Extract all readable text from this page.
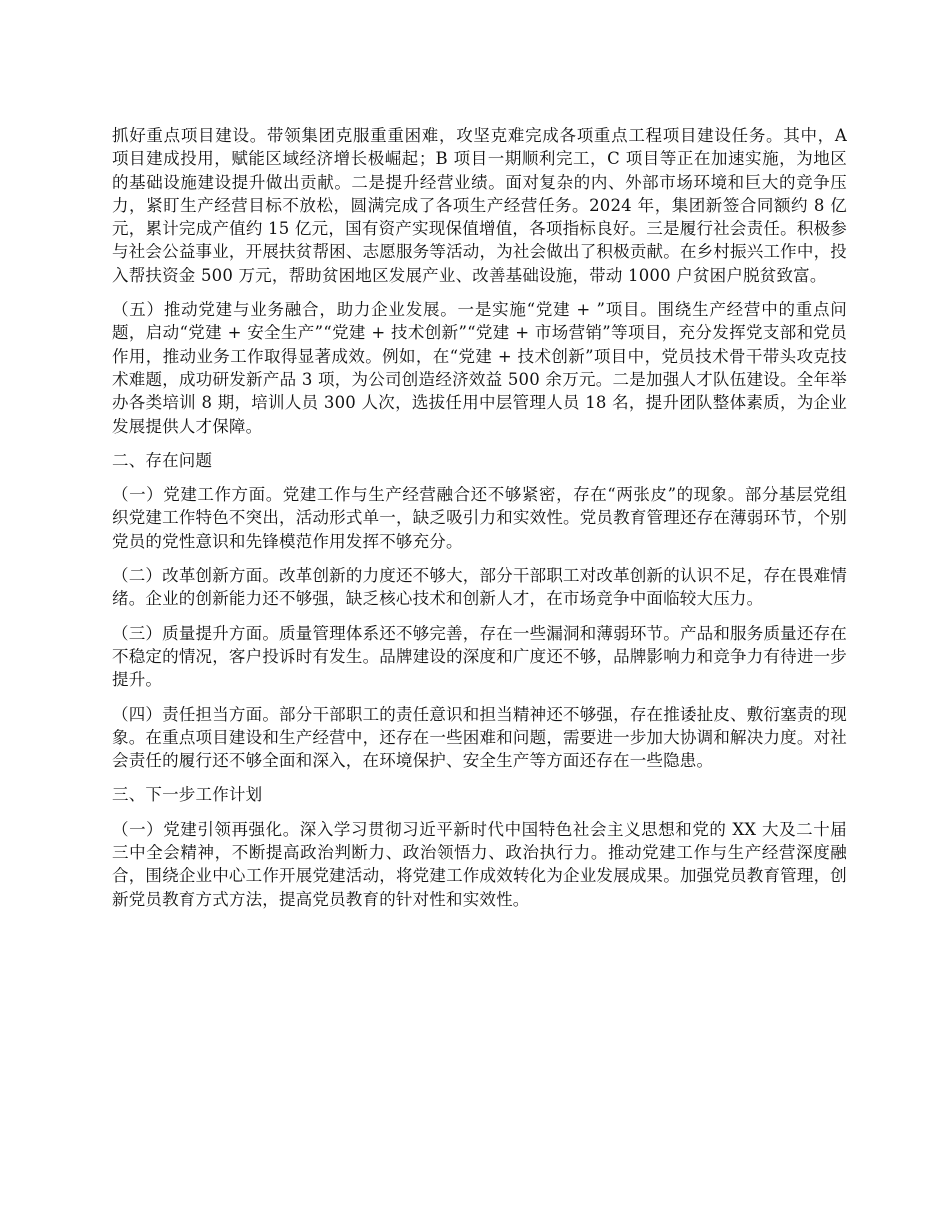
抓好重点项目建设。带领集团克服重重困难，攻坚克难完成各项重点工程项目建设任务。其中，A 项目建成投用，赋能区域经济增长极崛起；B 项目一期顺利完工，C 项目等正在加速实施，为地区的基础设施建设提升做出贡献。二是提升经营业绩。面对复杂的内、外部市场环境和巨大的竞争压力，紧盯生产经营目标不放松，圆满完成了各项生产经营任务。2024 年，集团新签合同额约 8 亿元，累计完成产值约 15 亿元，国有资产实现保值增值，各项指标良好。三是履行社会责任。积极参与社会公益事业，开展扶贫帮困、志愿服务等活动，为社会做出了积极贡献。在乡村振兴工作中，投入帮扶资金 500 万元，帮助贫困地区发展产业、改善基础设施，带动 1000 户贫困户脱贫致富。

（五）推动党建与业务融合，助力企业发展。一是实施“党建 + ”项目。围绕生产经营中的重点问题，启动“党建 + 安全生产”“党建 + 技术创新”“党建 + 市场营销”等项目，充分发挥党支部和党员作用，推动业务工作取得显著成效。例如，在“党建 + 技术创新”项目中，党员技术骨干带头攻克技术难题，成功研发新产品 3 项，为公司创造经济效益 500 余万元。二是加强人才队伍建设。全年举办各类培训 8 期，培训人员 300 人次，选拔任用中层管理人员 18 名，提升团队整体素质，为企业发展提供人才保障。

二、存在问题

（一）党建工作方面。党建工作与生产经营融合还不够紧密，存在“两张皮”的现象。部分基层党组织党建工作特色不突出，活动形式单一，缺乏吸引力和实效性。党员教育管理还存在薄弱环节，个别党员的党性意识和先锋模范作用发挥不够充分。

（二）改革创新方面。改革创新的力度还不够大，部分干部职工对改革创新的认识不足，存在畏难情绪。企业的创新能力还不够强，缺乏核心技术和创新人才，在市场竞争中面临较大压力。

（三）质量提升方面。质量管理体系还不够完善，存在一些漏洞和薄弱环节。产品和服务质量还存在不稳定的情况，客户投诉时有发生。品牌建设的深度和广度还不够，品牌影响力和竞争力有待进一步提升。

（四）责任担当方面。部分干部职工的责任意识和担当精神还不够强，存在推诿扯皮、敷衍塞责的现象。在重点项目建设和生产经营中，还存在一些困难和问题，需要进一步加大协调和解决力度。对社会责任的履行还不够全面和深入，在环境保护、安全生产等方面还存在一些隐患。

三、下一步工作计划

（一）党建引领再强化。深入学习贯彻习近平新时代中国特色社会主义思想和党的 XX 大及二十届三中全会精神，不断提高政治判断力、政治领悟力、政治执行力。推动党建工作与生产经营深度融合，围绕企业中心工作开展党建活动，将党建工作成效转化为企业发展成果。加强党员教育管理，创新党员教育方式方法，提高党员教育的针对性和实效性。
